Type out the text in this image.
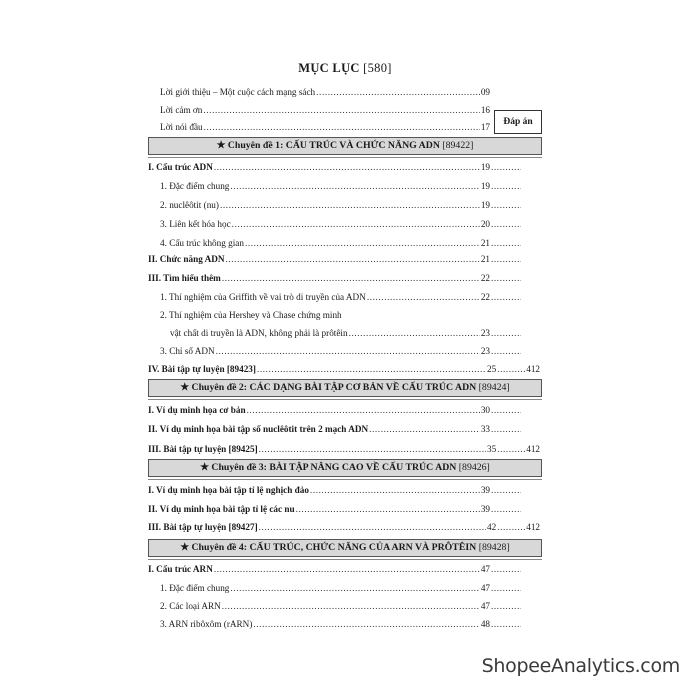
MỤC LỤC [580]
Lời giới thiệu – Một cuộc cách mạng sách .....	09
Lời cảm ơn .....	16
Lời nói đầu .....	17	Đáp án
★ Chuyên đề 1: CẤU TRÚC VÀ CHỨC NĂNG ADN [89422]
I. Cấu trúc ADN .....	19
.....
1. Đặc điểm chung .....	19
.....
2. nuclêôtit (nu) .....	19
.....
3. Liên kết hóa học .....	20
.....
4. Cấu trúc không gian .....	21
.....
II. Chức năng ADN .....	21
.....
III. Tìm hiểu thêm .....	22
.....
1. Thí nghiệm của Griffith về vai trò di truyền của ADN .....	22
.....
2. Thí nghiệm của Hershey và Chase chứng minh
vật chất di truyền là ADN, không phải là prôtêin .....	23
.....
3. Chỉ số ADN .....	23
.....
IV. Bài tập tự luyện [89423] .....	25 .....	412
★ Chuyên đề 2: CÁC DẠNG BÀI TẬP CƠ BẢN VỀ CẤU TRÚC ADN [89424]
I. Ví dụ minh họa cơ bản .....	30
.....
II. Ví dụ minh họa bài tập số nuclêôtit trên 2 mạch ADN .....	33
.....
III. Bài tập tự luyện [89425] .....	35 .....	412
★ Chuyên đề 3: BÀI TẬP NÂNG CAO VỀ CẤU TRÚC ADN [89426]
I. Ví dụ minh họa bài tập tỉ lệ nghịch đảo .....	39
.....
II. Ví dụ minh họa bài tập tỉ lệ các nu .....	39
.....
III. Bài tập tự luyện [89427] .....	42 .....	412
★ Chuyên đề 4: CẤU TRÚC, CHỨC NĂNG CỦA ARN VÀ PRÔTÊIN [89428]
I. Cấu trúc ARN .....	47
.....
1. Đặc điểm chung .....	47
.....
2. Các loại ARN .....	47
.....
3. ARN ribôxôm (rARN) .....	48
.....
ShopeeAnalytics.com
